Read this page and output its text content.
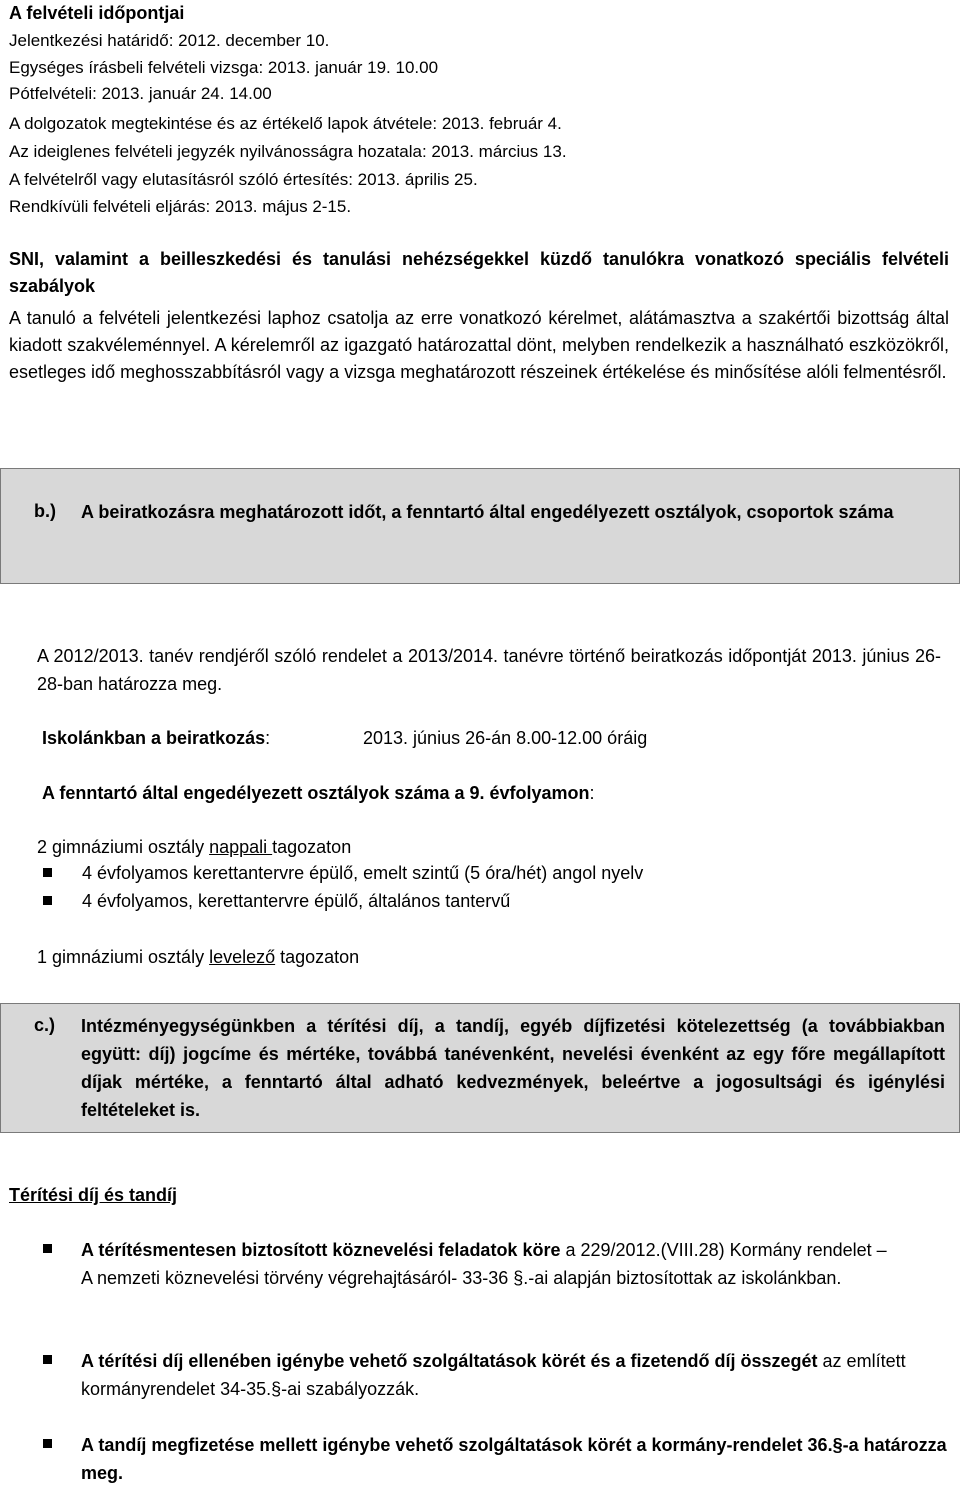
A felvételi időpontjai
Jelentkezési határidő: 2012. december 10.
Egységes írásbeli felvételi vizsga: 2013. január 19. 10.00
Pótfelvételi: 2013. január 24. 14.00
A dolgozatok megtekintése és az értékelő lapok átvétele: 2013. február 4.
Az ideiglenes felvételi jegyzék nyilvánosságra hozatala: 2013. március 13.
A felvételről vagy elutasításról szóló értesítés: 2013. április 25.
Rendkívüli felvételi eljárás: 2013. május 2-15.

SNI, valamint a beilleszkedési és tanulási nehézségekkel küzdő tanulókra vonatkozó speciális felvételi szabályok

A tanuló a felvételi jelentkezési laphoz csatolja az erre vonatkozó kérelmet, alátámasztva a szakértői bizottság által kiadott szakvéleménnyel. A kérelemről az igazgató határozattal dönt, melyben rendelkezik a használható eszközökről, esetleges idő meghosszabbításról vagy a vizsga meghatározott részeinek értékelése és minősítése alóli felmentésről.

b.) A beiratkozásra meghatározott időt, a fenntartó által engedélyezett osztályok, csoportok száma

A 2012/2013. tanév rendjéről szóló rendelet a 2013/2014. tanévre történő beiratkozás időpontját 2013. június 26-28-ban határozza meg.

Iskolánkban a beiratkozás:	2013. június 26-án 8.00-12.00 óráig
A fenntartó által engedélyezett osztályok száma a 9. évfolyamon:
2 gimnáziumi osztály nappali tagozaton
4 évfolyamos kerettantervre épülő, emelt szintű (5 óra/hét) angol nyelv
4 évfolyamos, kerettantervre épülő, általános tantervű
1 gimnáziumi osztály levelező tagozaton
c.) Intézményegységünkben a térítési díj, a tandíj, egyéb díjfizetési kötelezettség (a továbbiakban együtt: díj) jogcíme és mértéke, továbbá tanévenként, nevelési évenként az egy főre megállapított díjak mértéke, a fenntartó által adható kedvezmények, beleértve a jogosultsági és igénylési feltételeket is.

Térítési díj és tandíj

A térítésmentesen biztosított köznevelési feladatok köre a 229/2012.(VIII.28) Kormány rendelet – A nemzeti köznevelési törvény végrehajtásáról- 33-36 §.-ai alapján biztosítottak az iskolánkban.

A térítési díj ellenében igénybe vehető szolgáltatások körét és a fizetendő díj összegét az említett kormányrendelet 34-35.§-ai szabályozzák.

A tandíj megfizetése mellett igénybe vehető szolgáltatások körét a kormány-rendelet 36.§-a határozza meg.
